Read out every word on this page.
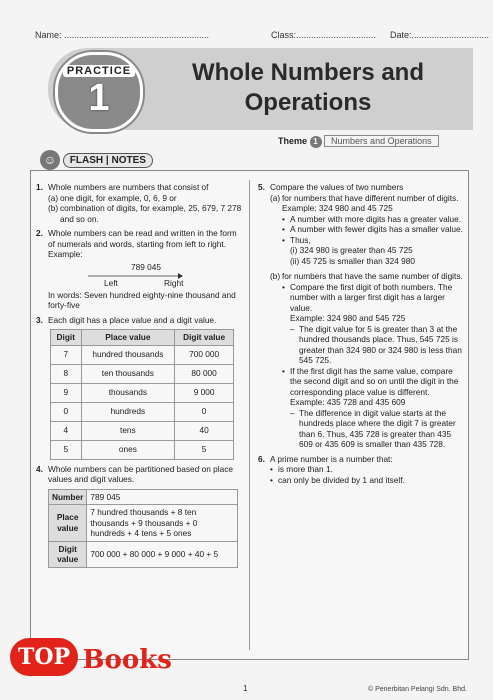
Name: ..........................................................	Class:................................ Date:...............................
PRACTICE
1
Whole Numbers and Operations
Theme 1 Numbers and Operations
☺ FLASH | NOTES
1. Whole numbers are numbers that consist of

(a) one digit, for example, 0, 6, 9 or
(b) combination of digits, for example, 25, 679, 7 278 and so on.
2. Whole numbers can be read and written in the form of numerals and words, starting from left to right. Example:

789 045
Left	Right

In words: Seven hundred eighty-nine thousand and forty-five

3. Each digit has a place value and a digit value.

Digit	Place value	Digit value
7	hundred thousands	700 000
8	ten thousands	80 000
9	thousands	9 000
0	hundreds	0
4	tens	40
5	ones	5
4. Whole numbers can be partitioned based on place values and digit values.

Number	789 045
Place value	7 hundred thousands + 8 ten thousands + 9 thousands + 0 hundreds + 4 tens + 5 ones
Digit value	700 000 + 80 000 + 9 000 + 40 + 5
5. Compare the values of two numbers

(a) for numbers that have different number of digits.

Example: 324 980 and 45 725

• A number with more digits has a greater value.
• A number with fewer digits has a smaller value.
• Thus,

(i) 324 980 is greater than 45 725

(ii) 45 725 is smaller than 324 980

(b) for numbers that have the same number of digits.
• Compare the first digit of both numbers. The number with a larger first digit has a larger value.

Example: 324 980 and 545 725

– The digit value for 5 is greater than 3 at the hundred thousands place. Thus, 545 725 is greater than 324 980 or 324 980 is less than 545 725.
• If the first digit has the same value, compare the second digit and so on until the digit in the corresponding place value is different.

Example: 435 728 and 435 609

– The difference in digit value starts at the hundreds place where the digit 7 is greater than 6. Thus, 435 728 is greater than 435 609 or 435 609 is smaller than 435 728.
6. A prime number is a number that:

• is more than 1.
• can only be divided by 1 and itself.
TOP Books
1	© Penerbitan Pelangi Sdn. Bhd.
